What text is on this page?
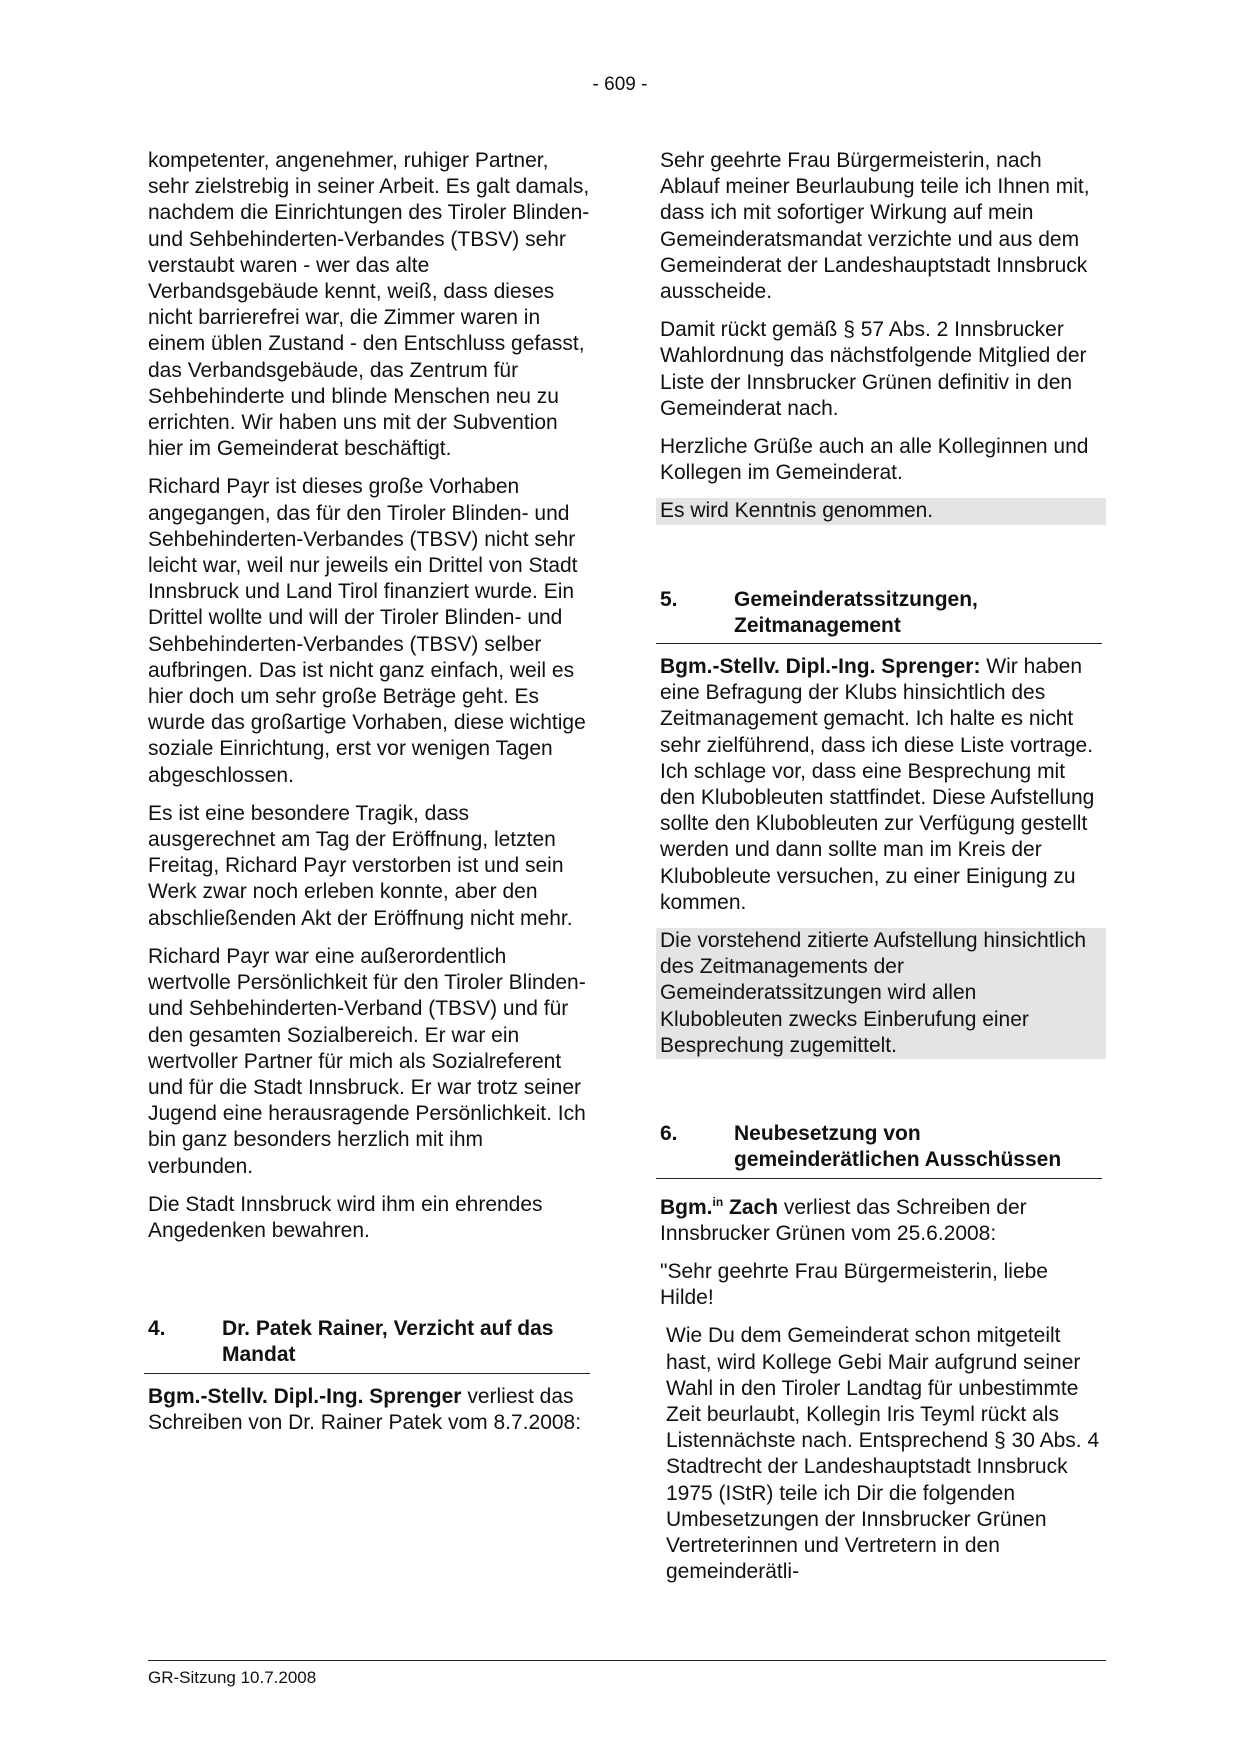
- 609 -

kompetenter, angenehmer, ruhiger Partner, sehr zielstrebig in seiner Arbeit. Es galt damals, nachdem die Einrichtungen des Tiroler Blinden- und Sehbehinderten-Verbandes (TBSV) sehr verstaubt waren - wer das alte Verbandsgebäude kennt, weiß, dass dieses nicht barrierefrei war, die Zimmer waren in einem üblen Zustand - den Entschluss gefasst, das Verbandsgebäude, das Zentrum für Sehbehinderte und blinde Menschen neu zu errichten. Wir haben uns mit der Subvention hier im Gemeinderat beschäftigt.

Richard Payr ist dieses große Vorhaben angegangen, das für den Tiroler Blinden- und Sehbehinderten-Verbandes (TBSV) nicht sehr leicht war, weil nur jeweils ein Drittel von Stadt Innsbruck und Land Tirol finanziert wurde. Ein Drittel wollte und will der Tiroler Blinden- und Sehbehinderten-Verbandes (TBSV) selber aufbringen. Das ist nicht ganz einfach, weil es hier doch um sehr große Beträge geht. Es wurde das großartige Vorhaben, diese wichtige soziale Einrichtung, erst vor wenigen Tagen abgeschlossen.

Es ist eine besondere Tragik, dass ausgerechnet am Tag der Eröffnung, letzten Freitag, Richard Payr verstorben ist und sein Werk zwar noch erleben konnte, aber den abschließenden Akt der Eröffnung nicht mehr.

Richard Payr war eine außerordentlich wertvolle Persönlichkeit für den Tiroler Blinden- und Sehbehinderten-Verband (TBSV) und für den gesamten Sozialbereich. Er war ein wertvoller Partner für mich als Sozialreferent und für die Stadt Innsbruck. Er war trotz seiner Jugend eine herausragende Persönlichkeit. Ich bin ganz besonders herzlich mit ihm verbunden.

Die Stadt Innsbruck wird ihm ein ehrendes Angedenken bewahren.

4.	Dr. Patek Rainer, Verzicht auf das Mandat

Bgm.-Stellv. Dipl.-Ing. Sprenger verliest das Schreiben von Dr. Rainer Patek vom 8.7.2008:

Sehr geehrte Frau Bürgermeisterin, nach Ablauf meiner Beurlaubung teile ich Ihnen mit, dass ich mit sofortiger Wirkung auf mein Gemeinderatsmandat verzichte und aus dem Gemeinderat der Landeshauptstadt Innsbruck ausscheide.

Damit rückt gemäß § 57 Abs. 2 Innsbrucker Wahlordnung das nächstfolgende Mitglied der Liste der Innsbrucker Grünen definitiv in den Gemeinderat nach.

Herzliche Grüße auch an alle Kolleginnen und Kollegen im Gemeinderat.

Es wird Kenntnis genommen.

5.	Gemeinderatssitzungen, Zeitmanagement

Bgm.-Stellv. Dipl.-Ing. Sprenger: Wir haben eine Befragung der Klubs hinsichtlich des Zeitmanagement gemacht. Ich halte es nicht sehr zielführend, dass ich diese Liste vortrage. Ich schlage vor, dass eine Besprechung mit den Klubobleuten stattfindet. Diese Aufstellung sollte den Klubobleuten zur Verfügung gestellt werden und dann sollte man im Kreis der Klubobleute versuchen, zu einer Einigung zu kommen.

Die vorstehend zitierte Aufstellung hinsichtlich des Zeitmanagements der Gemeinderatssitzungen wird allen Klubobleuten zwecks Einberufung einer Besprechung zugemittelt.

6.	Neubesetzung von gemeinderätlichen Ausschüssen

Bgm.$^{in}$ Zach verliest das Schreiben der Innsbrucker Grünen vom 25.6.2008:

"Sehr geehrte Frau Bürgermeisterin, liebe Hilde!

Wie Du dem Gemeinderat schon mitgeteilt hast, wird Kollege Gebi Mair aufgrund seiner Wahl in den Tiroler Landtag für unbestimmte Zeit beurlaubt, Kollegin Iris Teyml rückt als Listennächste nach. Entsprechend § 30 Abs. 4 Stadtrecht der Landeshauptstadt Innsbruck 1975 (IStR) teile ich Dir die folgenden Umbesetzungen der Innsbrucker Grünen Vertreterinnen und Vertretern in den gemeinderätli-

GR-Sitzung 10.7.2008
